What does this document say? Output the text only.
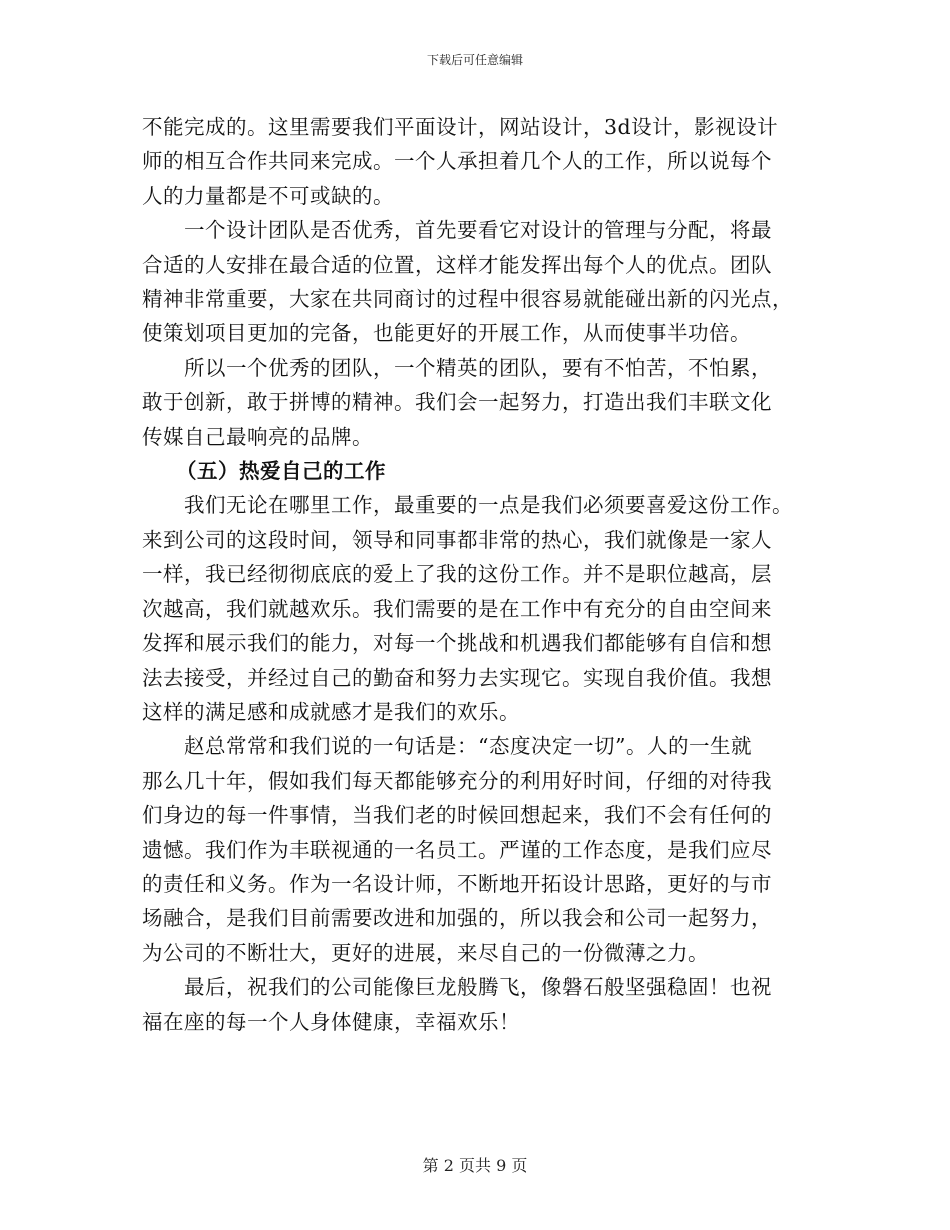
下载后可任意编辑

不能完成的。这里需要我们平面设计，网站设计，3d设计，影视设计
师的相互合作共同来完成。一个人承担着几个人的工作，所以说每个
人的力量都是不可或缺的。

　　一个设计团队是否优秀，首先要看它对设计的管理与分配，将最
合适的人安排在最合适的位置，这样才能发挥出每个人的优点。团队
精神非常重要，大家在共同商讨的过程中很容易就能碰出新的闪光点，
使策划项目更加的完备，也能更好的开展工作，从而使事半功倍。

　　所以一个优秀的团队，一个精英的团队，要有不怕苦，不怕累，
敢于创新，敢于拼博的精神。我们会一起努力，打造出我们丰联文化
传媒自己最响亮的品牌。

（五）热爱自己的工作

　　我们无论在哪里工作，最重要的一点是我们必须要喜爱这份工作。
来到公司的这段时间，领导和同事都非常的热心，我们就像是一家人
一样，我已经彻彻底底的爱上了我的这份工作。并不是职位越高，层
次越高，我们就越欢乐。我们需要的是在工作中有充分的自由空间来
发挥和展示我们的能力，对每一个挑战和机遇我们都能够有自信和想
法去接受，并经过自己的勤奋和努力去实现它。实现自我价值。我想
这样的满足感和成就感才是我们的欢乐。

　　赵总常常和我们说的一句话是：“态度决定一切”。人的一生就
那么几十年，假如我们每天都能够充分的利用好时间，仔细的对待我
们身边的每一件事情，当我们老的时候回想起来，我们不会有任何的
遗憾。我们作为丰联视通的一名员工。严谨的工作态度，是我们应尽
的责任和义务。作为一名设计师，不断地开拓设计思路，更好的与市
场融合，是我们目前需要改进和加强的，所以我会和公司一起努力，
为公司的不断壮大，更好的进展，来尽自己的一份微薄之力。

　　最后，祝我们的公司能像巨龙般腾飞，像磐石般坚强稳固！也祝
福在座的每一个人身体健康，幸福欢乐！

第 2 页共 9 页
